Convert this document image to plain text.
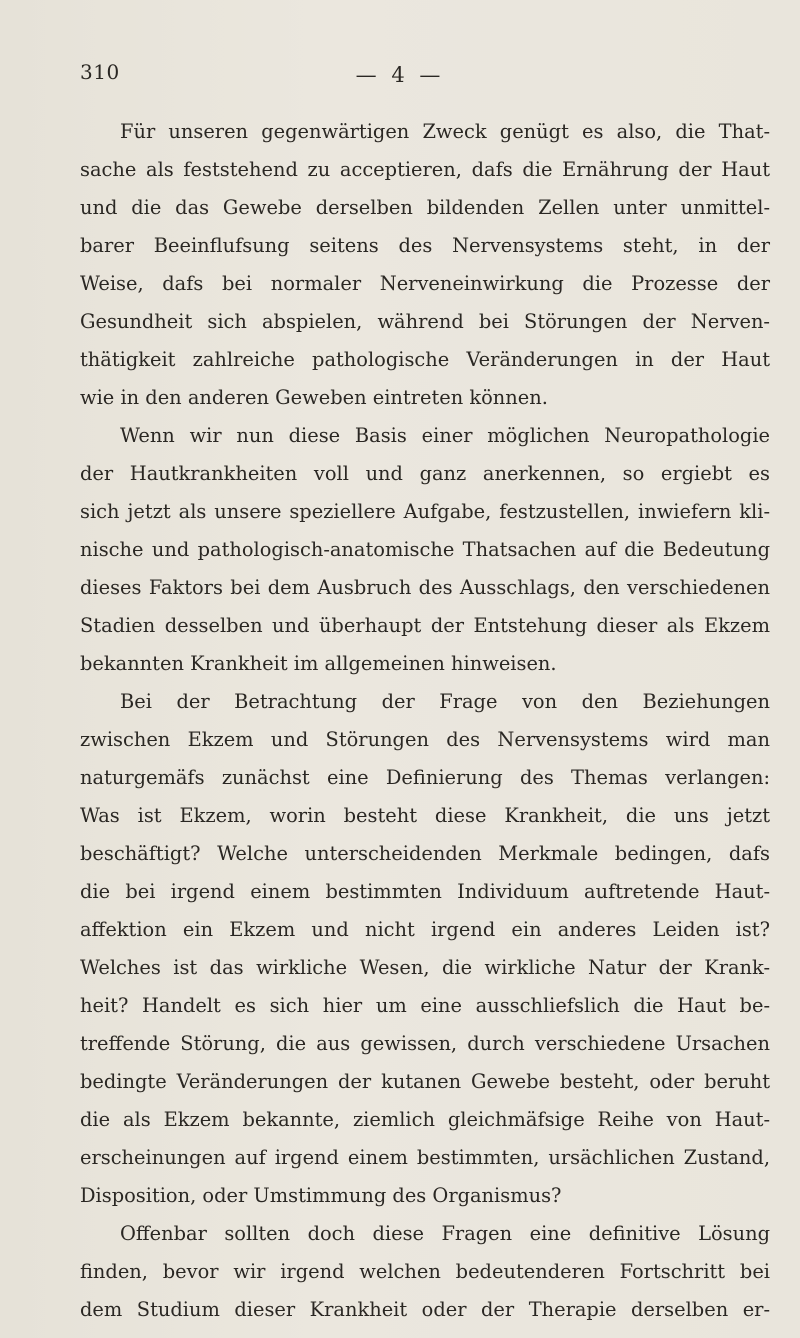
310	— 4 —
Für unseren gegenwärtigen Zweck genügt es also, die That-
sache als feststehend zu acceptieren, dafs die Ernährung der Haut
und die das Gewebe derselben bildenden Zellen unter unmittel-
barer Beeinflufsung seitens des Nervensystems steht, in der
Weise, dafs bei normaler Nerveneinwirkung die Prozesse der
Gesundheit sich abspielen, während bei Störungen der Nerven-
thätigkeit zahlreiche pathologische Veränderungen in der Haut
wie in den anderen Geweben eintreten können.
Wenn wir nun diese Basis einer möglichen Neuropathologie
der Hautkrankheiten voll und ganz anerkennen, so ergiebt es
sich jetzt als unsere speziellere Aufgabe, festzustellen, inwiefern kli-
nische und pathologisch-anatomische Thatsachen auf die Bedeutung
dieses Faktors bei dem Ausbruch des Ausschlags, den verschiedenen
Stadien desselben und überhaupt der Entstehung dieser als Ekzem
bekannten Krankheit im allgemeinen hinweisen.
Bei der Betrachtung der Frage von den Beziehungen
zwischen Ekzem und Störungen des Nervensystems wird man
naturgemäfs zunächst eine Definierung des Themas verlangen:
Was ist Ekzem, worin besteht diese Krankheit, die uns jetzt
beschäftigt? Welche unterscheidenden Merkmale bedingen, dafs
die bei irgend einem bestimmten Individuum auftretende Haut-
affektion ein Ekzem und nicht irgend ein anderes Leiden ist?
Welches ist das wirkliche Wesen, die wirkliche Natur der Krank-
heit? Handelt es sich hier um eine ausschliefslich die Haut be-
treffende Störung, die aus gewissen, durch verschiedene Ursachen
bedingte Veränderungen der kutanen Gewebe besteht, oder beruht
die als Ekzem bekannte, ziemlich gleichmäfsige Reihe von Haut-
erscheinungen auf irgend einem bestimmten, ursächlichen Zustand,
Disposition, oder Umstimmung des Organismus?
Offenbar sollten doch diese Fragen eine definitive Lösung
finden, bevor wir irgend welchen bedeutenderen Fortschritt bei
dem Studium dieser Krankheit oder der Therapie derselben er-
